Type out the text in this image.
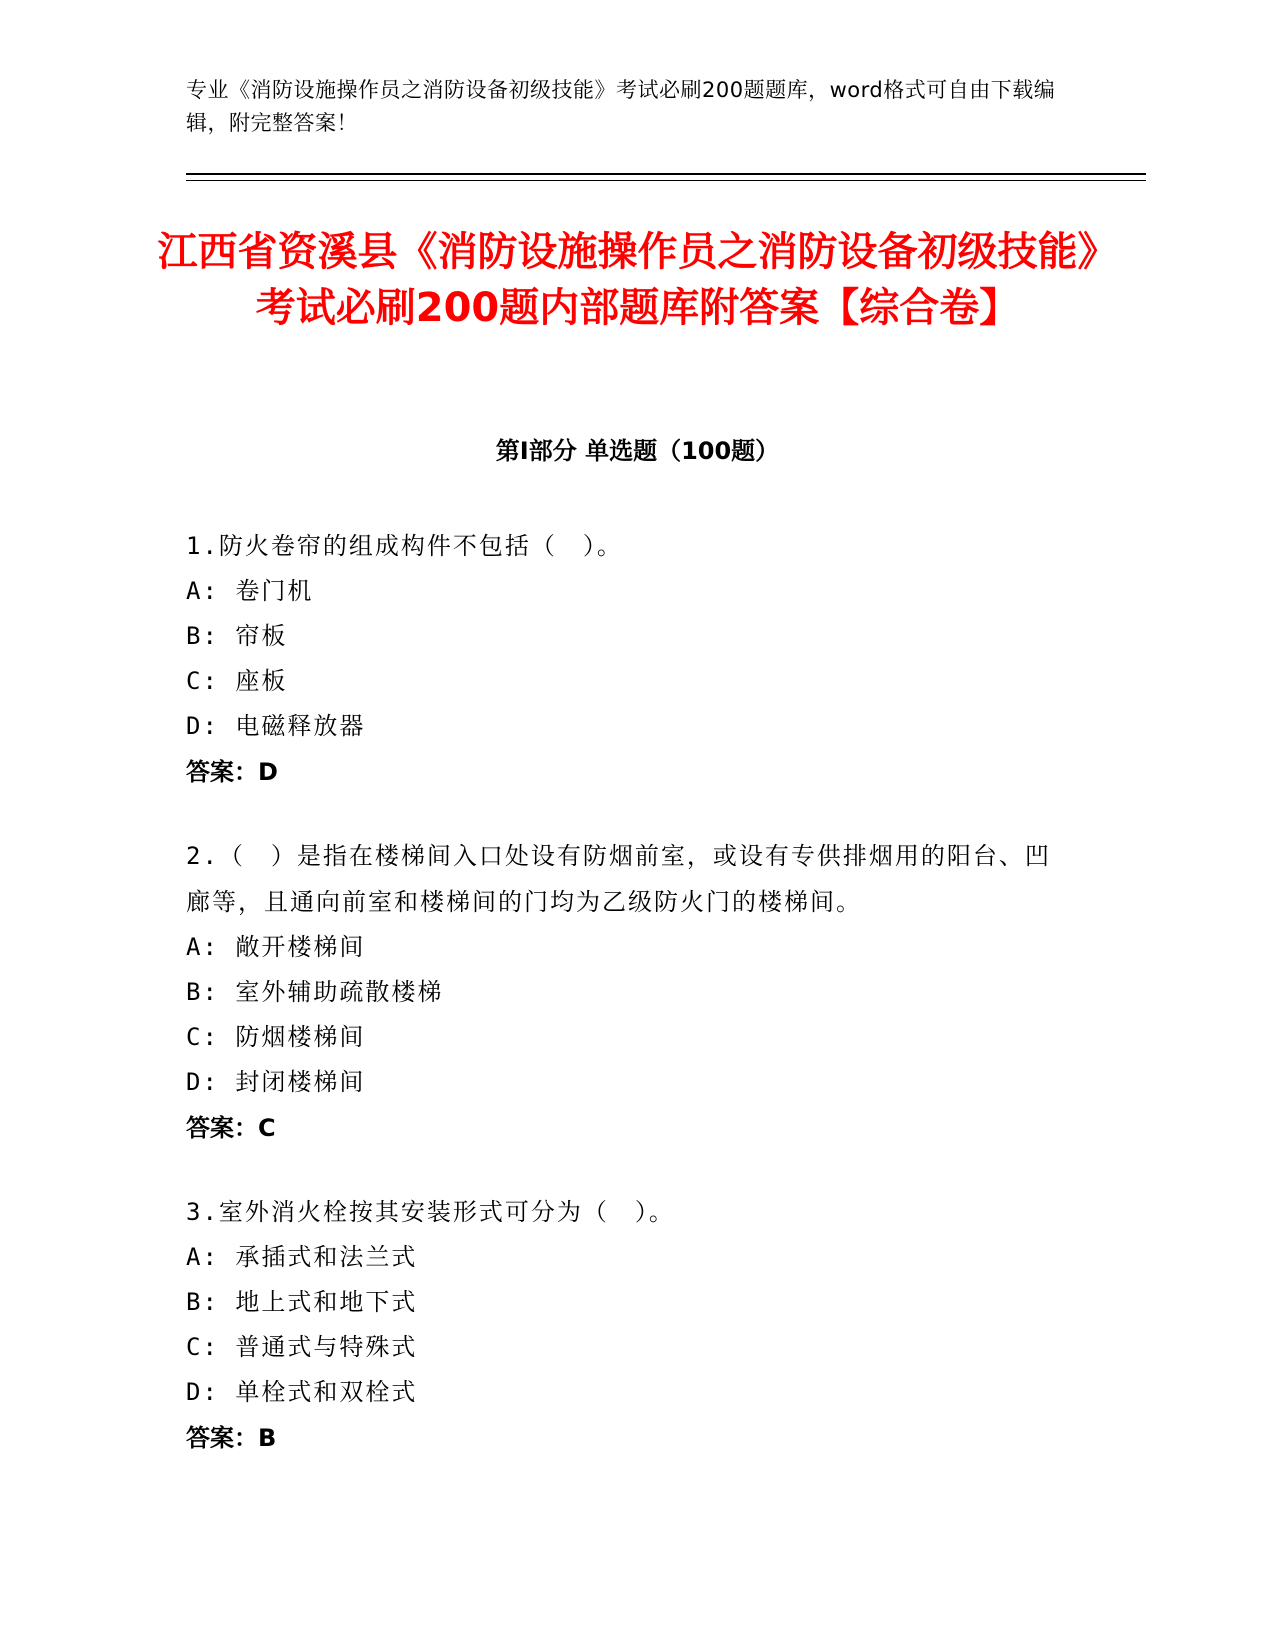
专业《消防设施操作员之消防设备初级技能》考试必刷200题题库，word格式可自由下载编辑，附完整答案！
江西省资溪县《消防设施操作员之消防设备初级技能》考试必刷200题内部题库附答案【综合卷】
第Ⅰ部分 单选题（100题）
1.防火卷帘的组成构件不包括（　）。
A: 卷门机
B: 帘板
C: 座板
D: 电磁释放器
答案：D
2.（　）是指在楼梯间入口处设有防烟前室，或设有专供排烟用的阳台、凹廊等，且通向前室和楼梯间的门均为乙级防火门的楼梯间。
A: 敞开楼梯间
B: 室外辅助疏散楼梯
C: 防烟楼梯间
D: 封闭楼梯间
答案：C
3.室外消火栓按其安装形式可分为（　）。
A: 承插式和法兰式
B: 地上式和地下式
C: 普通式与特殊式
D: 单栓式和双栓式
答案：B
